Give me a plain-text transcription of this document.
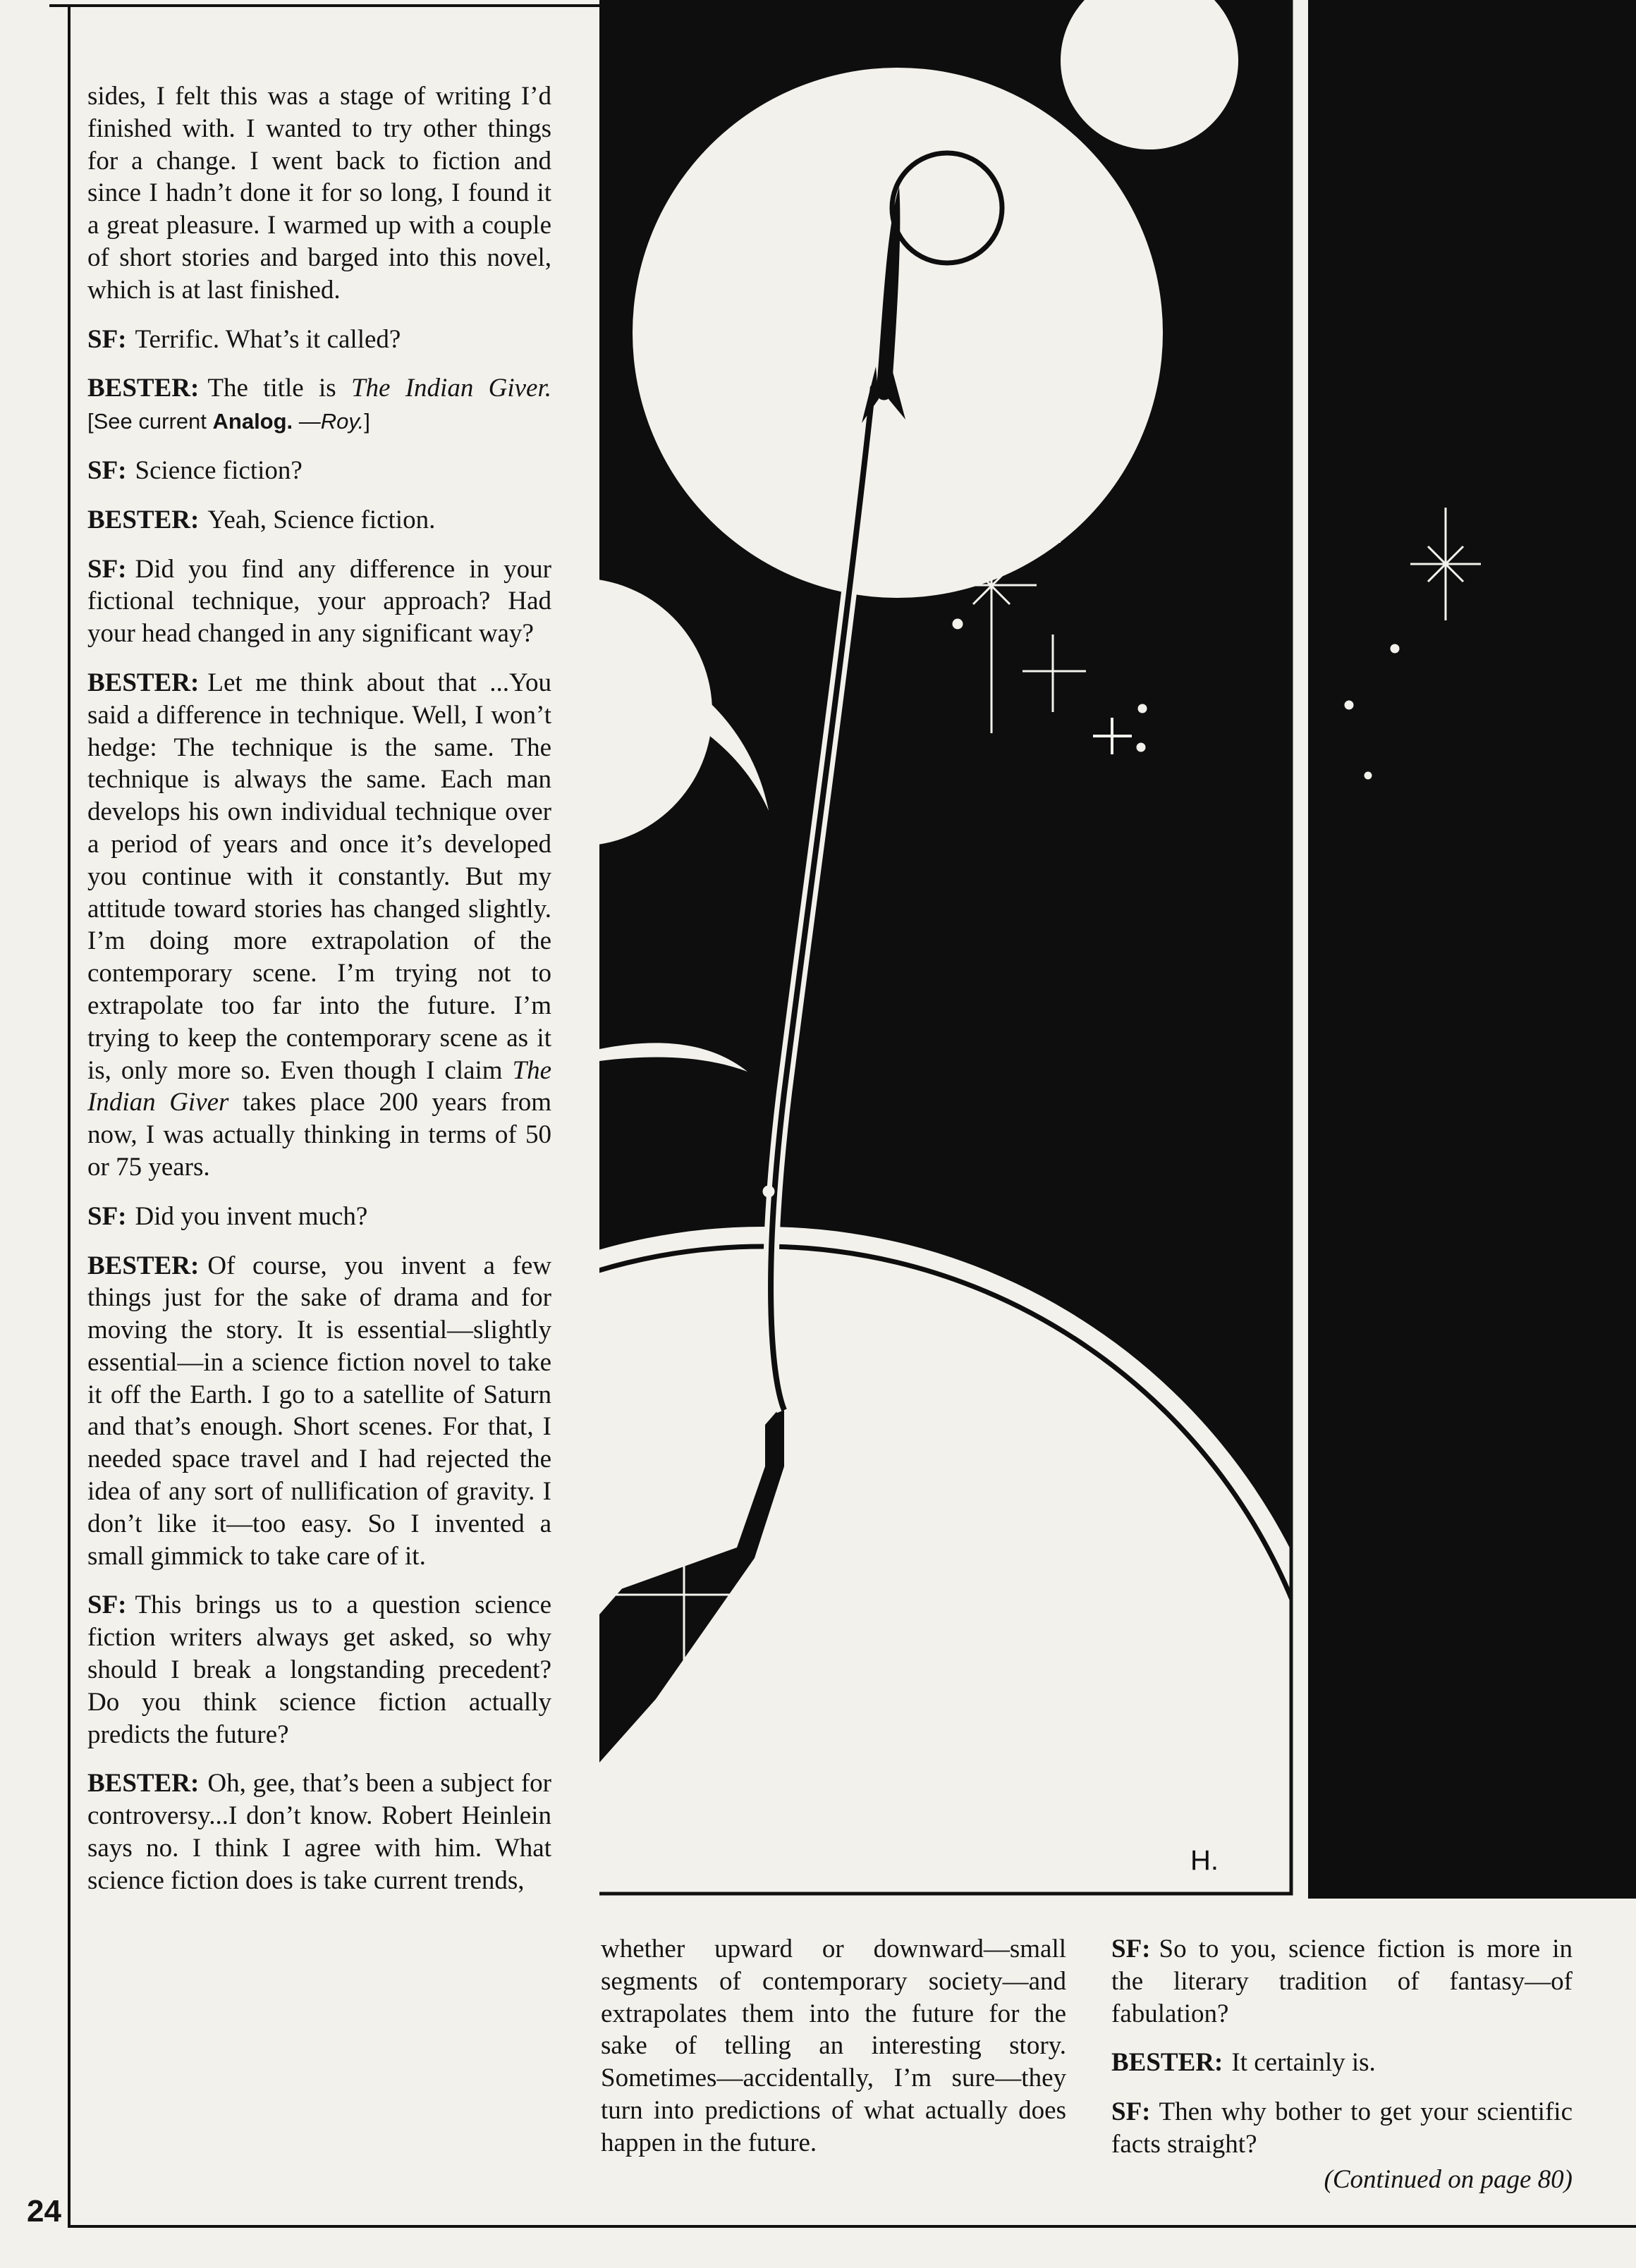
24

sides, I felt this was a stage of writing I’d finished with. I wanted to try other things for a change. I went back to fiction and since I hadn’t done it for so long, I found it a great pleasure. I warmed up with a couple of short stories and barged into this novel, which is at last finished.

SF: Terrific. What’s it called?

BESTER: The title is The Indian Giver. [See current Analog. —Roy.]

SF: Science fiction?

BESTER: Yeah, Science fiction.

SF: Did you find any difference in your fictional technique, your approach? Had your head changed in any significant way?

BESTER: Let me think about that ...You said a difference in technique. Well, I won’t hedge: The technique is the same. The technique is always the same. Each man develops his own individual technique over a period of years and once it’s developed you continue with it constantly. But my attitude toward stories has changed slightly. I’m doing more extrapolation of the contemporary scene. I’m trying not to extrapolate too far into the future. I’m trying to keep the contemporary scene as it is, only more so. Even though I claim The Indian Giver takes place 200 years from now, I was actually thinking in terms of 50 or 75 years.

SF: Did you invent much?

BESTER: Of course, you invent a few things just for the sake of drama and for moving the story. It is essential—slightly essential—in a science fiction novel to take it off the Earth. I go to a satellite of Saturn and that’s enough. Short scenes. For that, I needed space travel and I had rejected the idea of any sort of nullification of gravity. I don’t like it—too easy. So I invented a small gimmick to take care of it.

SF: This brings us to a question science fiction writers always get asked, so why should I break a longstanding precedent? Do you think science fiction actually predicts the future?

BESTER: Oh, gee, that’s been a subject for controversy...I don’t know. Robert Heinlein says no. I think I agree with him. What science fiction does is take current trends,

whether upward or downward—small segments of contemporary society—and extrapolates them into the future for the sake of telling an interesting story. Sometimes—accidentally, I’m sure—they turn into predictions of what actually does happen in the future.

SF: So to you, science fiction is more in the literary tradition of fantasy—of fabulation?

BESTER: It certainly is.

SF: Then why bother to get your scientific facts straight?

(Continued on page 80)
H.
